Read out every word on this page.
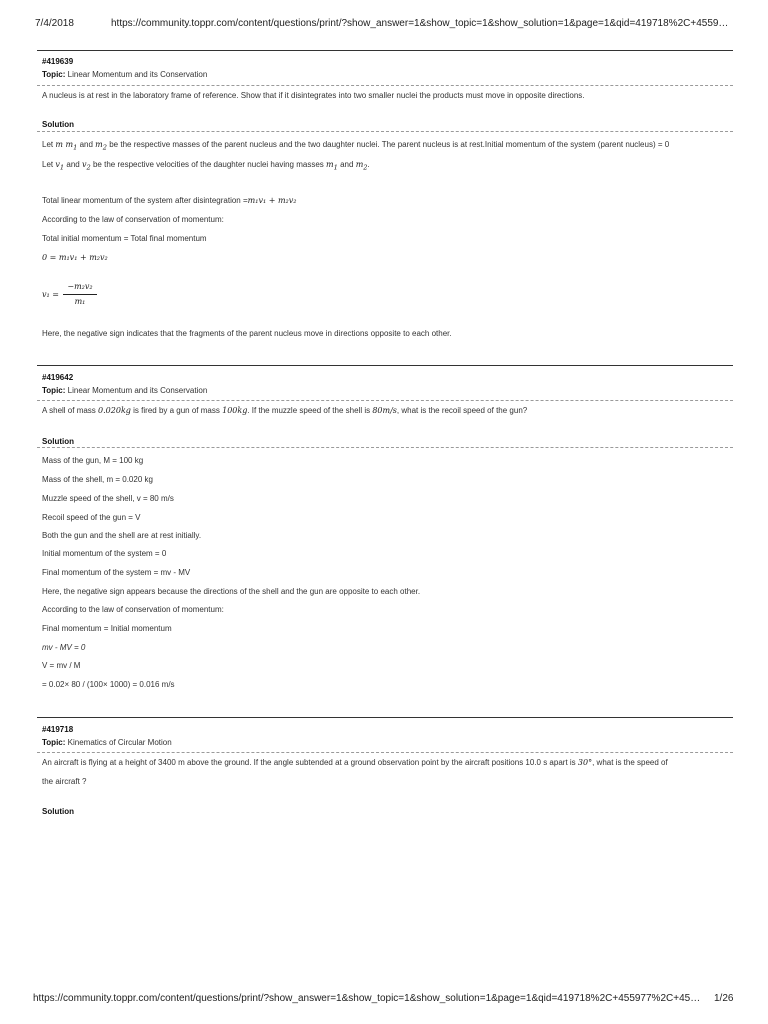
7/4/2018	https://community.toppr.com/content/questions/print/?show_answer=1&show_topic=1&show_solution=1&page=1&qid=419718%2C+4559…
#419639
Topic: Linear Momentum and its Conservation
A nucleus is at rest in the laboratory frame of reference. Show that if it disintegrates into two smaller nuclei the products must move in opposite directions.
Solution
Let m $m_1$ and $m_2$ be the respective masses of the parent nucleus and the two daughter nuclei. The parent nucleus is at rest.Initial momentum of the system (parent nucleus) = 0
Let $v_1$ and $v_2$ be the respective velocities of the daughter nuclei having masses $m_1$ and $m_2$.
Total linear momentum of the system after disintegration =m₁v₁ + m₂v₂
According to the law of conservation of momentum:
Total initial momentum = Total final momentum
0 = m₁v₁ + m₂v₂
v₁ =
−m₂v₂
m₁
Here, the negative sign indicates that the fragments of the parent nucleus move in directions opposite to each other.
#419642
Topic: Linear Momentum and its Conservation
A shell of mass 0.020kg is fired by a gun of mass 100kg. If the muzzle speed of the shell is 80m/s, what is the recoil speed of the gun?
Solution
Mass of the gun, M = 100 kg
Mass of the shell, m = 0.020 kg
Muzzle speed of the shell, v = 80 m/s
Recoil speed of the gun = V
Both the gun and the shell are at rest initially.
Initial momentum of the system = 0
Final momentum of the system = mv - MV
Here, the negative sign appears because the directions of the shell and the gun are opposite to each other.
According to the law of conservation of momentum:
Final momentum = Initial momentum
mv - MV = 0
V = mv / M
= 0.02× 80 / (100× 1000) = 0.016 m/s
#419718
Topic: Kinematics of Circular Motion
An aircraft is flying at a height of 3400 m above the ground. If the angle subtended at a ground observation point by the aircraft positions 10.0 s apart is 30°, what is the speed of
the aircraft ?
Solution
https://community.toppr.com/content/questions/print/?show_answer=1&show_topic=1&show_solution=1&page=1&qid=419718%2C+455977%2C+45… 1/26
